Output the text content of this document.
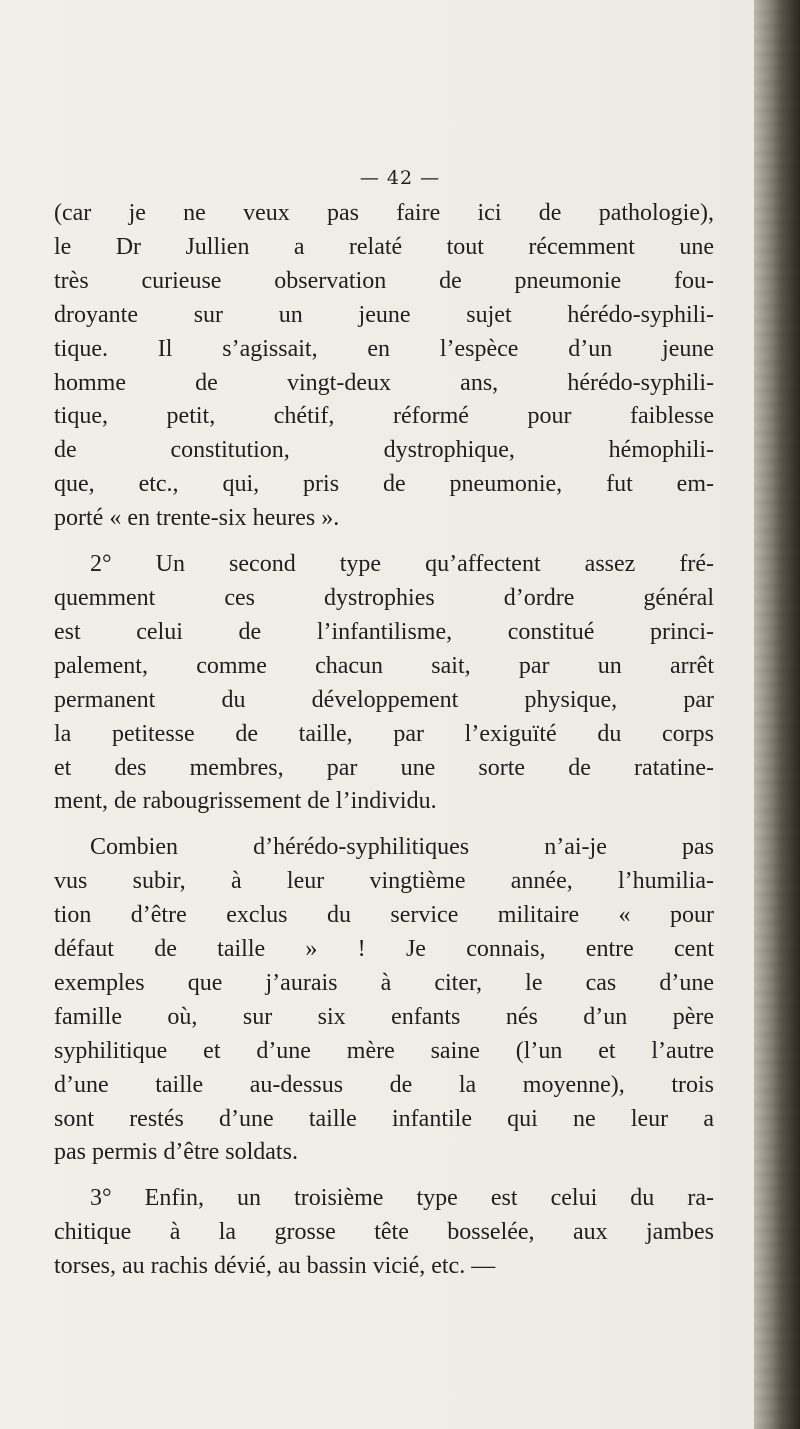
— 42 —
(car je ne veux pas faire ici de pathologie),
le Dr Jullien a relaté tout récemment une
très curieuse observation de pneumonie fou-
droyante sur un jeune sujet hérédo-syphili-
tique. Il s’agissait, en l’espèce d’un jeune
homme de vingt-deux ans, hérédo-syphili-
tique, petit, chétif, réformé pour faiblesse
de constitution, dystrophique, hémophili-
que, etc., qui, pris de pneumonie, fut em-
porté « en trente-six heures ».
2° Un second type qu’affectent assez fré-
quemment ces dystrophies d’ordre général
est celui de l’infantilisme, constitué princi-
palement, comme chacun sait, par un arrêt
permanent du développement physique, par
la petitesse de taille, par l’exiguïté du corps
et des membres, par une sorte de ratatine-
ment, de rabougrissement de l’individu.
Combien d’hérédo-syphilitiques n’ai-je pas
vus subir, à leur vingtième année, l’humilia-
tion d’être exclus du service militaire « pour
défaut de taille » ! Je connais, entre cent
exemples que j’aurais à citer, le cas d’une
famille où, sur six enfants nés d’un père
syphilitique et d’une mère saine (l’un et l’autre
d’une taille au-dessus de la moyenne), trois
sont restés d’une taille infantile qui ne leur a
pas permis d’être soldats.
3° Enfin, un troisième type est celui du ra-
chitique à la grosse tête bosselée, aux jambes
torses, au rachis dévié, au bassin vicié, etc. —
